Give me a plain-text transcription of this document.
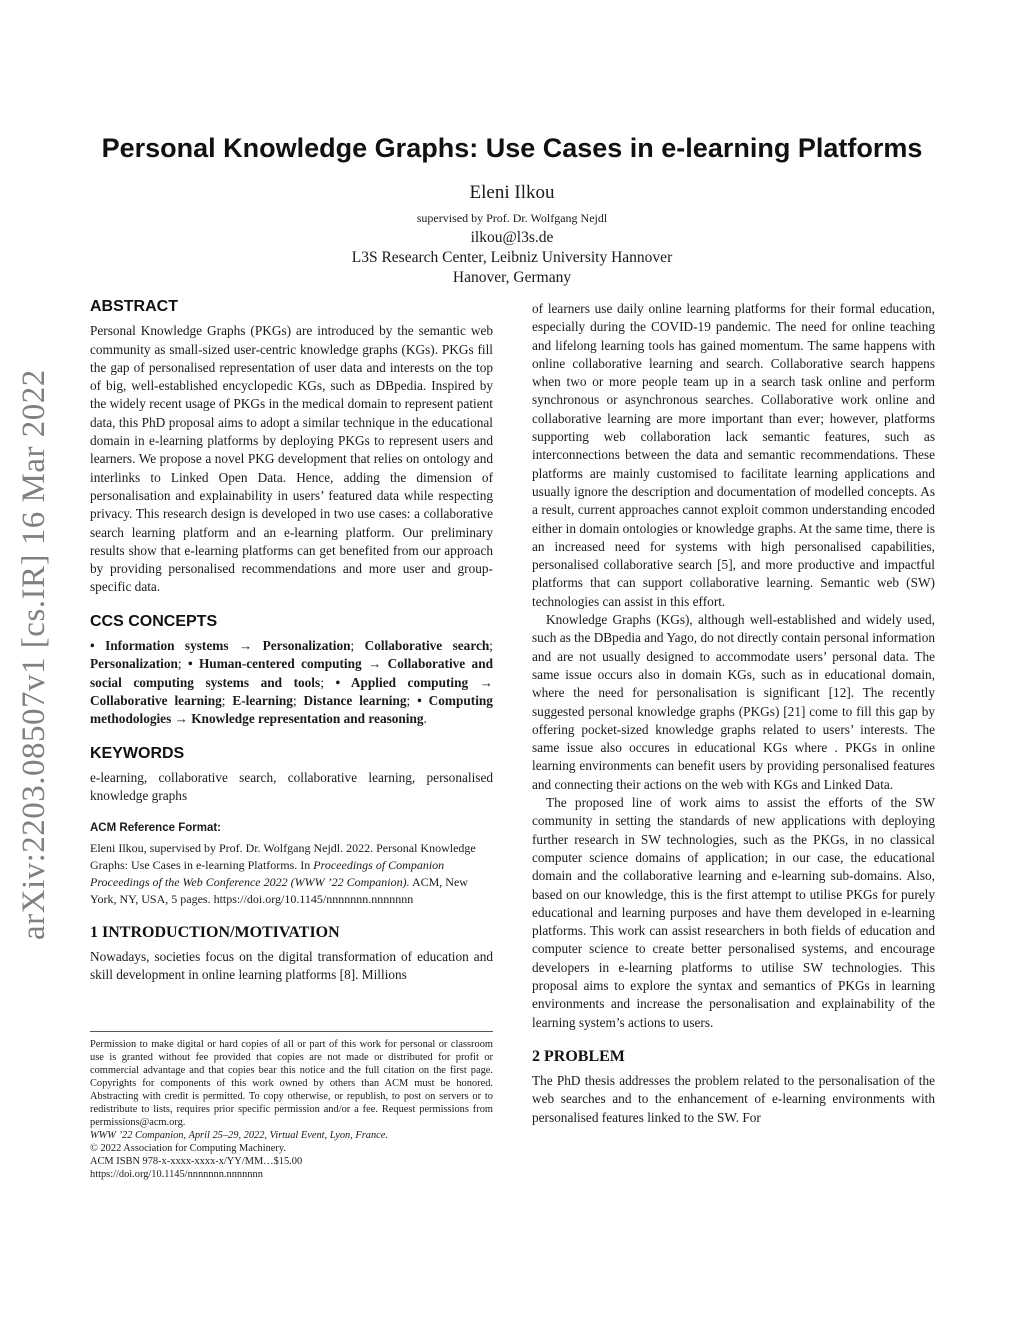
arXiv:2203.08507v1 [cs.IR] 16 Mar 2022
Personal Knowledge Graphs: Use Cases in e-learning Platforms
Eleni Ilkou
supervised by Prof. Dr. Wolfgang Nejdl
ilkou@l3s.de
L3S Research Center, Leibniz University Hannover
Hanover, Germany
ABSTRACT

Personal Knowledge Graphs (PKGs) are introduced by the semantic web community as small-sized user-centric knowledge graphs (KGs). PKGs fill the gap of personalised representation of user data and interests on the top of big, well-established encyclopedic KGs, such as DBpedia. Inspired by the widely recent usage of PKGs in the medical domain to represent patient data, this PhD proposal aims to adopt a similar technique in the educational domain in e-learning platforms by deploying PKGs to represent users and learners. We propose a novel PKG development that relies on ontology and interlinks to Linked Open Data. Hence, adding the dimension of personalisation and explainability in users’ featured data while respecting privacy. This research design is developed in two use cases: a collaborative search learning platform and an e-learning platform. Our preliminary results show that e-learning platforms can get benefited from our approach by providing personalised recommendations and more user and group-specific data.

CCS CONCEPTS

• Information systems → Personalization; Collaborative search; Personalization; • Human-centered computing → Collaborative and social computing systems and tools; • Applied computing → Collaborative learning; E-learning; Distance learning; • Computing methodologies → Knowledge representation and reasoning.

KEYWORDS

e-learning, collaborative search, collaborative learning, personalised knowledge graphs

ACM Reference Format:
Eleni Ilkou, supervised by Prof. Dr. Wolfgang Nejdl. 2022. Personal Knowledge Graphs: Use Cases in e-learning Platforms. In Proceedings of Companion Proceedings of the Web Conference 2022 (WWW ’22 Companion). ACM, New York, NY, USA, 5 pages. https://doi.org/10.1145/nnnnnnn.nnnnnnn
1 INTRODUCTION/MOTIVATION

Nowadays, societies focus on the digital transformation of education and skill development in online learning platforms [8]. Millions

Permission to make digital or hard copies of all or part of this work for personal or classroom use is granted without fee provided that copies are not made or distributed for profit or commercial advantage and that copies bear this notice and the full citation on the first page. Copyrights for components of this work owned by others than ACM must be honored. Abstracting with credit is permitted. To copy otherwise, or republish, to post on servers or to redistribute to lists, requires prior specific permission and/or a fee. Request permissions from permissions@acm.org.
WWW ’22 Companion, April 25–29, 2022, Virtual Event, Lyon, France.
© 2022 Association for Computing Machinery.
ACM ISBN 978-x-xxxx-xxxx-x/YY/MM…$15.00
https://doi.org/10.1145/nnnnnnn.nnnnnnn

of learners use daily online learning platforms for their formal education, especially during the COVID-19 pandemic. The need for online teaching and lifelong learning tools has gained momentum. The same happens with online collaborative learning and search. Collaborative search happens when two or more people team up in a search task online and perform synchronous or asynchronous searches. Collaborative work online and collaborative learning are more important than ever; however, platforms supporting web collaboration lack semantic features, such as interconnections between the data and semantic recommendations. These platforms are mainly customised to facilitate learning applications and usually ignore the description and documentation of modelled concepts. As a result, current approaches cannot exploit common understanding encoded either in domain ontologies or knowledge graphs. At the same time, there is an increased need for systems with high personalised capabilities, personalised collaborative search [5], and more productive and impactful platforms that can support collaborative learning. Semantic web (SW) technologies can assist in this effort.

Knowledge Graphs (KGs), although well-established and widely used, such as the DBpedia and Yago, do not directly contain personal information and are not usually designed to accommodate users’ personal data. The same issue occurs also in domain KGs, such as in educational domain, where the need for personalisation is significant [12]. The recently suggested personal knowledge graphs (PKGs) [21] come to fill this gap by offering pocket-sized knowledge graphs related to users’ interests. The same issue also occures in educational KGs where . PKGs in online learning environments can benefit users by providing personalised features and connecting their actions on the web with KGs and Linked Data.

The proposed line of work aims to assist the efforts of the SW community in setting the standards of new applications with deploying further research in SW technologies, such as the PKGs, in no classical computer science domains of application; in our case, the educational domain and the collaborative learning and e-learning sub-domains. Also, based on our knowledge, this is the first attempt to utilise PKGs for purely educational and learning purposes and have them developed in e-learning platforms. This work can assist researchers in both fields of education and computer science to create better personalised systems, and encourage developers in e-learning platforms to utilise SW technologies. This proposal aims to explore the syntax and semantics of PKGs in learning environments and increase the personalisation and explainability of the learning system’s actions to users.

2 PROBLEM

The PhD thesis addresses the problem related to the personalisation of the web searches and to the enhancement of e-learning environments with personalised features linked to the SW. For
